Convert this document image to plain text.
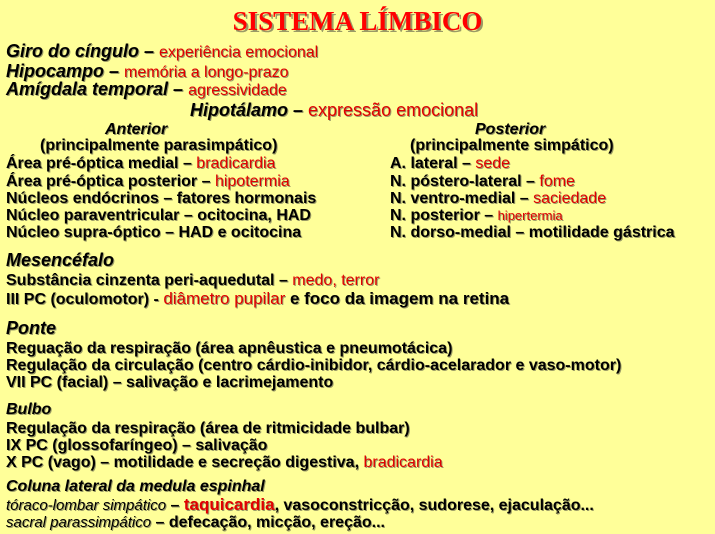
SISTEMA LÍMBICO
Giro do cíngulo – experiência emocional
Hipocampo – memória a longo-prazo
Amígdala temporal – agressividade
Hipotálamo – expressão emocional
Anterior
(principalmente parasimpático)
Posterior
(principalmente simpático)
Área pré-óptica medial – bradicardia
Área pré-óptica posterior – hipotermia
Núcleos endócrinos – fatores hormonais
Núcleo paraventricular – ocitocina, HAD
Núcleo supra-óptico – HAD e ocitocina
A. lateral – sede
N. póstero-lateral – fome
N. ventro-medial – saciedade
N. posterior – hipertermia
N. dorso-medial – motilidade gástrica
Mesencéfalo
Substância cinzenta peri-aquedutal – medo, terror
III PC (oculomotor) - diâmetro pupilar e foco da imagem na retina
Ponte
Reguação da respiração (área apnêustica e pneumotácica)
Regulação da circulação (centro cárdio-inibidor, cárdio-acelarador e vaso-motor)
VII PC (facial) – salivação e lacrimejamento
Bulbo
Regulação da respiração (área de ritmicidade bulbar)
IX PC (glossofaríngeo) – salivação
X PC (vago) – motilidade e secreção digestiva, bradicardia
Coluna lateral da medula espinhal
tóraco-lombar simpático – taquicardia, vasoconstricção, sudorese, ejaculação...
sacral parassimpático – defecação, micção, ereção...
